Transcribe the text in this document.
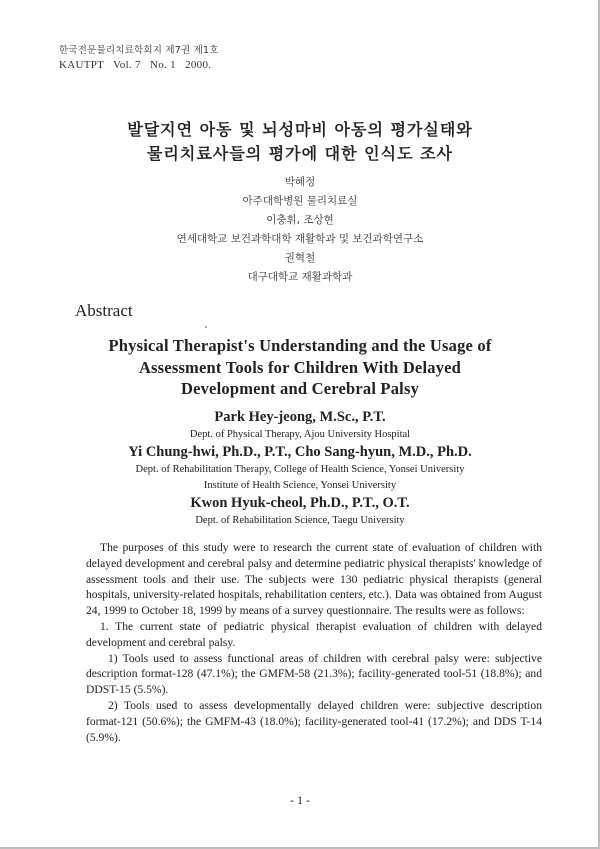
한국전문물리치료학회지 제7권 제1호
KAUTPT   Vol. 7   No. 1   2000.
발달지연 아동 및 뇌성마비 아동의 평가실태와
물리치료사들의 평가에 대한 인식도 조사
박혜정
아주대학병원 물리치료실
이충휘, 조상현
연세대학교 보건과학대학 재활학과 및 보건과학연구소
권혁철
대구대학교 재활과학과
Abstract
Physical Therapist's Understanding and the Usage of
Assessment Tools for Children With Delayed
Development and Cerebral Palsy
Park Hey-jeong, M.Sc., P.T.
Dept. of Physical Therapy, Ajou University Hospital
Yi Chung-hwi, Ph.D., P.T., Cho Sang-hyun, M.D., Ph.D.
Dept. of Rehabilitation Therapy, College of Health Science, Yonsei University
Institute of Health Science, Yonsei University
Kwon Hyuk-cheol, Ph.D., P.T., O.T.
Dept. of Rehabilitation Science, Taegu University

The purposes of this study were to research the current state of evaluation of children with delayed development and cerebral palsy and determine pediatric physical therapists' knowledge of assessment tools and their use. The subjects were 130 pediatric physical therapists (general hospitals, university-related hospitals, rehabilitation centers, etc.). Data was obtained from August 24, 1999 to October 18, 1999 by means of a survey questionnaire. The results were as follows:

1. The current state of pediatric physical therapist evaluation of children with delayed development and cerebral palsy.

1) Tools used to assess functional areas of children with cerebral palsy were: subjective description format-128 (47.1%); the GMFM-58 (21.3%); facility-generated tool-51 (18.8%); and DDST-15 (5.5%).

2) Tools used to assess developmentally delayed children were: subjective description format-121 (50.6%); the GMFM-43 (18.0%); facility-generated tool-41 (17.2%); and DDS T-14 (5.9%).

- 1 -
